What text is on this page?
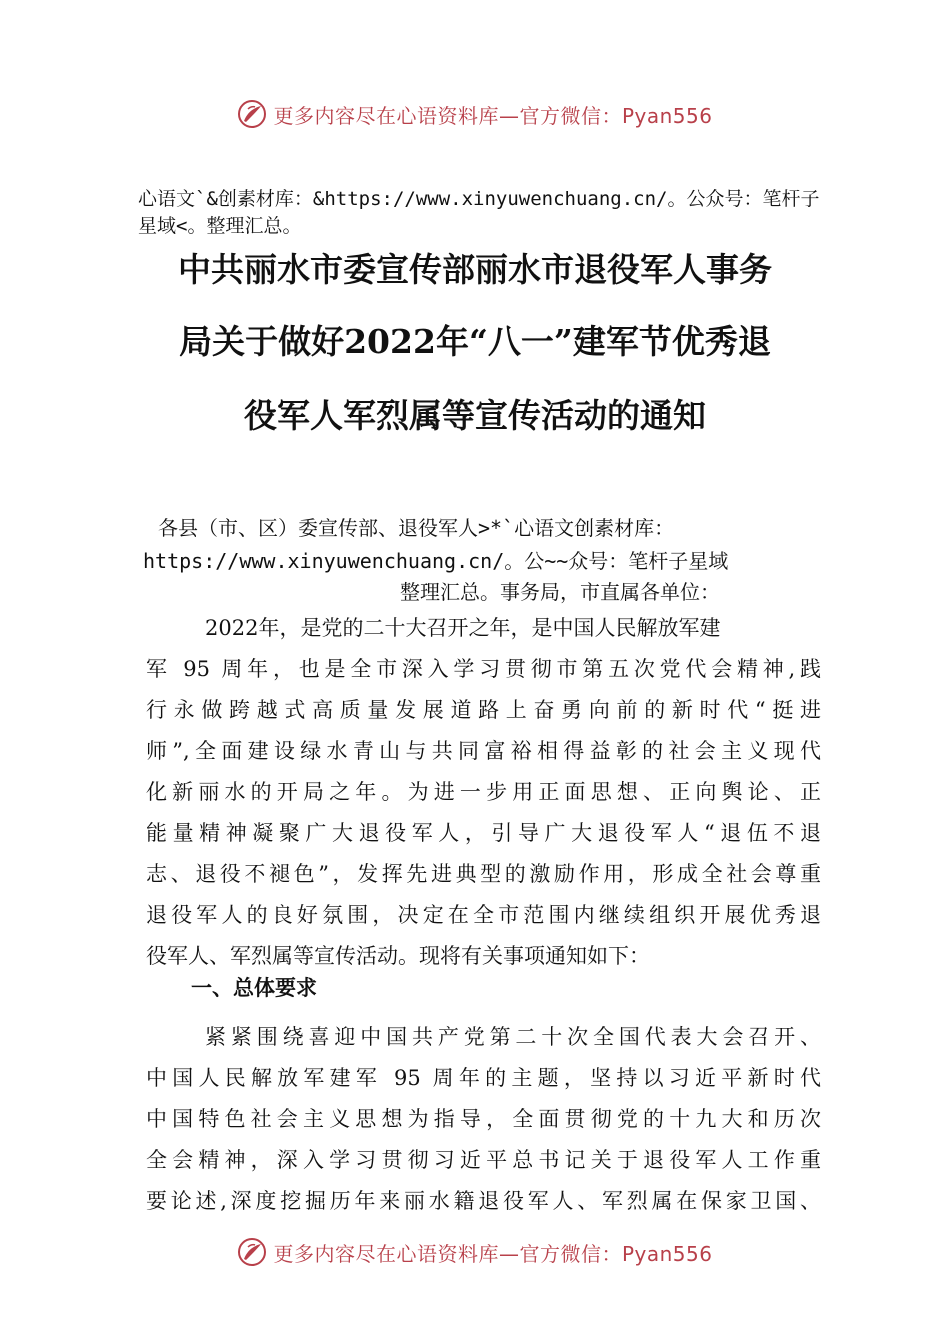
更多内容尽在心语资料库—官方微信：Pyan556
心语文`&创素材库：&https://www.xinyuwenchuang.cn/。公众号：笔杆子星域<。整理汇总。
中共丽水市委宣传部丽水市退役军人事务
局关于做好2022年“八一”建军节优秀退
役军人军烈属等宣传活动的通知
各县（市、区）委宣传部、退役军人>*`心语文创素材库：
https://www.xinyuwenchuang.cn/。公~~众号：笔杆子星域
整理汇总。事务局，市直属各单位：
2022年，是党的二十大召开之年，是中国人民解放军建
军 95 周年，也是全市深入学习贯彻市第五次党代会精神,践
行永做跨越式高质量发展道路上奋勇向前的新时代“挺进
师”,全面建设绿水青山与共同富裕相得益彰的社会主义现代
化新丽水的开局之年。为进一步用正面思想、正向舆论、正
能量精神凝聚广大退役军人，引导广大退役军人“退伍不退
志、退役不褪色”，发挥先进典型的激励作用，形成全社会尊重
退役军人的良好氛围，决定在全市范围内继续组织开展优秀退
役军人、军烈属等宣传活动。现将有关事项通知如下：
一、总体要求
紧紧围绕喜迎中国共产党第二十次全国代表大会召开、
中国人民解放军建军 95 周年的主题，坚持以习近平新时代
中国特色社会主义思想为指导，全面贯彻党的十九大和历次
全会精神，深入学习贯彻习近平总书记关于退役军人工作重
要论述,深度挖掘历年来丽水籍退役军人、军烈属在保家卫国、
更多内容尽在心语资料库—官方微信：Pyan556
